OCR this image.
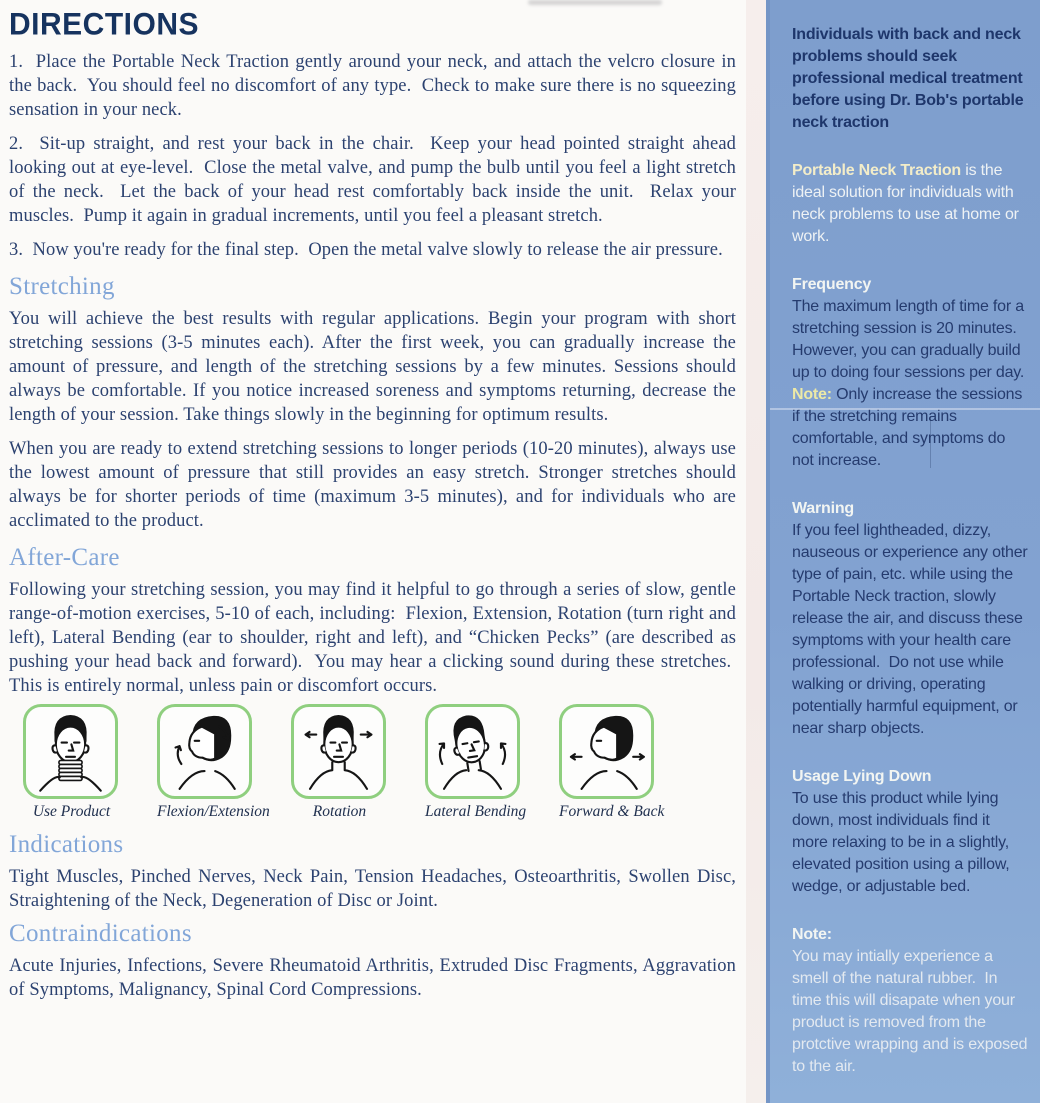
DIRECTIONS

1.  Place the Portable Neck Traction gently around your neck, and attach the velcro closure in the back.  You should feel no discomfort of any type.  Check to make sure there is no squeezing sensation in your neck.

2.  Sit-up straight, and rest your back in the chair.  Keep your head pointed straight ahead looking out at eye-level.  Close the metal valve, and pump the bulb until you feel a light stretch of the neck.  Let the back of your head rest comfortably back inside the unit.  Relax your muscles.  Pump it again in gradual increments, until you feel a pleasant stretch.

3.  Now you're ready for the final step.  Open the metal valve slowly to release the air pressure.

Stretching

You will achieve the best results with regular applications. Begin your program with short stretching sessions (3-5 minutes each). After the first week, you can gradually increase the amount of pressure, and length of the stretching sessions by a few minutes. Sessions should always be comfortable. If you notice increased soreness and symptoms returning, decrease the length of your session. Take things slowly in the beginning for optimum results.

When you are ready to extend stretching sessions to longer periods (10-20 minutes), always use the lowest amount of pressure that still provides an easy stretch. Stronger stretches should always be for shorter periods of time (maximum 3-5 minutes), and for individuals who are acclimated to the product.

After-Care

Following your stretching session, you may find it helpful to go through a series of slow, gentle range-of-motion exercises, 5-10 of each, including:  Flexion, Extension, Rotation (turn right and left), Lateral Bending (ear to shoulder, right and left), and “Chicken Pecks” (are described as pushing your head back and forward).  You may hear a clicking sound during these stretches.  This is entirely normal, unless pain or discomfort occurs.

Use Product	Flexion/Extension	Rotation	Lateral Bending Forward & Back
Indications

Tight Muscles, Pinched Nerves, Neck Pain, Tension Headaches, Osteoarthritis, Swollen Disc, Straightening of the Neck, Degeneration of Disc or Joint.

Contraindications

Acute Injuries, Infections, Severe Rheumatoid Arthritis, Extruded Disc Fragments, Aggravation of Symptoms, Malignancy, Spinal Cord Compressions.

Individuals with back and neck problems should seek professional medical treatment before using Dr. Bob's portable neck traction

Portable Neck Traction is the ideal solution for individuals with neck problems to use at home or work.

Frequency
The maximum length of time for a stretching session is 20 minutes. However, you can gradually build up to doing four sessions per day. Note: Only increase the sessions if the stretching remains comfortable, and symptoms do not increase.
Warning
If you feel lightheaded, dizzy, nauseous or experience any other type of pain, etc. while using the Portable Neck traction, slowly release the air, and discuss these symptoms with your health care professional.  Do not use while walking or driving, operating potentially harmful equipment, or near sharp objects.
Usage Lying Down
To use this product while lying down, most individuals find it more relaxing to be in a slightly, elevated position using a pillow, wedge, or adjustable bed.
Note:
You may intially experience a smell of the natural rubber.  In time this will disapate when your product is removed from the protctive wrapping and is exposed to the air.
